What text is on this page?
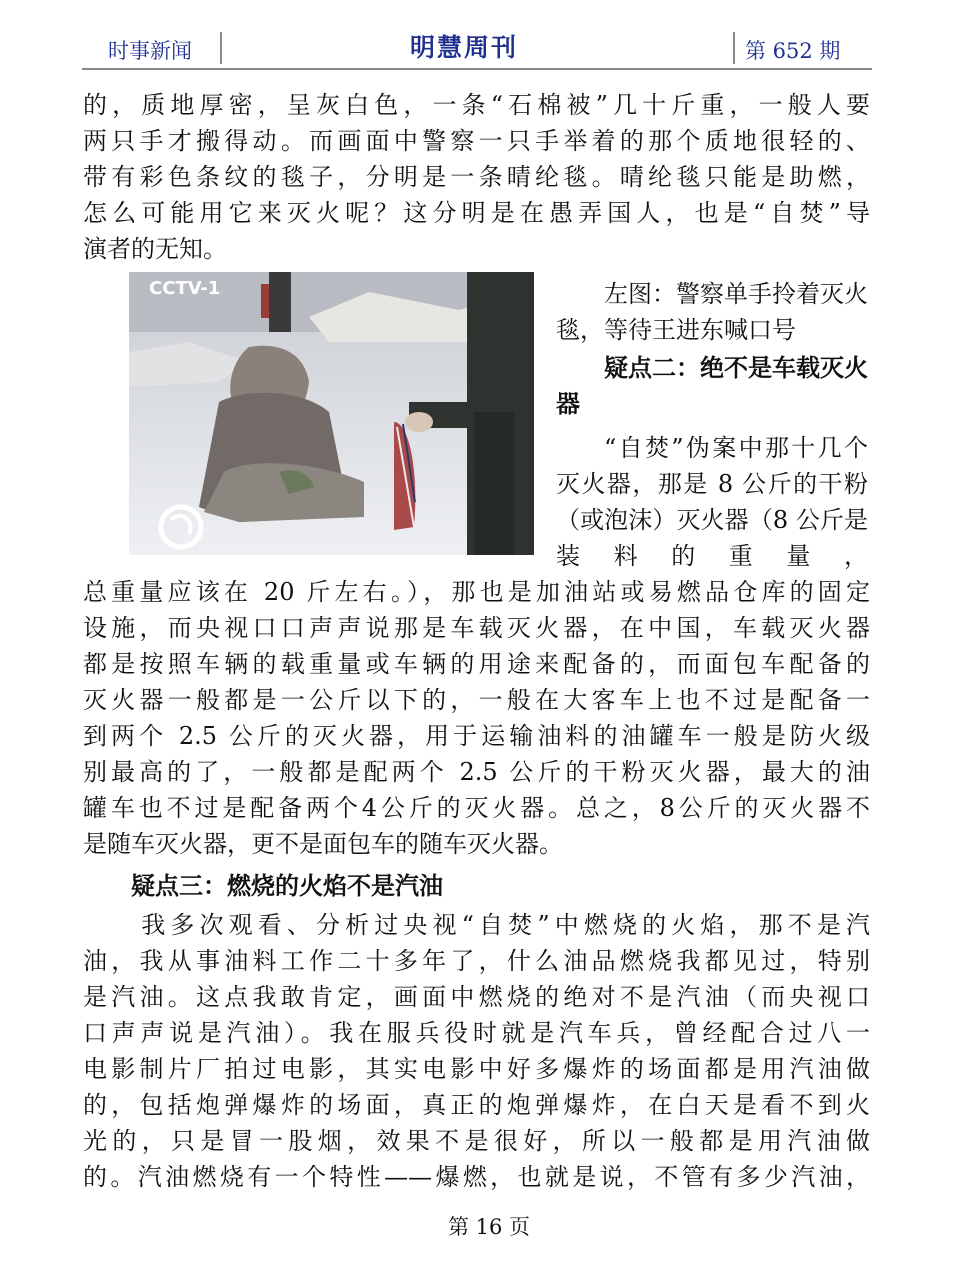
时事新闻	明慧周刊	第 652 期
的，质地厚密，呈灰白色，一条“石棉被”几十斤重，一般人要
两只手才搬得动。而画面中警察一只手举着的那个质地很轻的、
带有彩色条纹的毯子，分明是一条晴纶毯。晴纶毯只能是助燃，
怎么可能用它来灭火呢？这分明是在愚弄国人，也是“自焚”导
演者的无知。
CCTV-1	左图：警察单手拎着灭火毯，等待王进东喊口号
疑点二：绝不是车载灭火器
“自焚”伪案中那十几个灭火器，那是 8 公斤的干粉（或泡沫）灭火器（8 公斤是装料的重量，
总重量应该在 20 斤左右。），那也是加油站或易燃品仓库的固定
设施，而央视口口声声说那是车载灭火器，在中国，车载灭火器
都是按照车辆的载重量或车辆的用途来配备的，而面包车配备的
灭火器一般都是一公斤以下的，一般在大客车上也不过是配备一
到两个 2.5 公斤的灭火器，用于运输油料的油罐车一般是防火级
别最高的了，一般都是配两个 2.5 公斤的干粉灭火器，最大的油
罐车也不过是配备两个4公斤的灭火器。总之，8公斤的灭火器不
是随车灭火器，更不是面包车的随车灭火器。
疑点三：燃烧的火焰不是汽油
　　我多次观看、分析过央视“自焚”中燃烧的火焰，那不是汽
油，我从事油料工作二十多年了，什么油品燃烧我都见过，特别
是汽油。这点我敢肯定，画面中燃烧的绝对不是汽油（而央视口
口声声说是汽油）。我在服兵役时就是汽车兵，曾经配合过八一
电影制片厂拍过电影，其实电影中好多爆炸的场面都是用汽油做
的，包括炮弹爆炸的场面，真正的炮弹爆炸，在白天是看不到火
光的，只是冒一股烟，效果不是很好，所以一般都是用汽油做
的。汽油燃烧有一个特性——爆燃，也就是说，不管有多少汽油，
第 16 页
